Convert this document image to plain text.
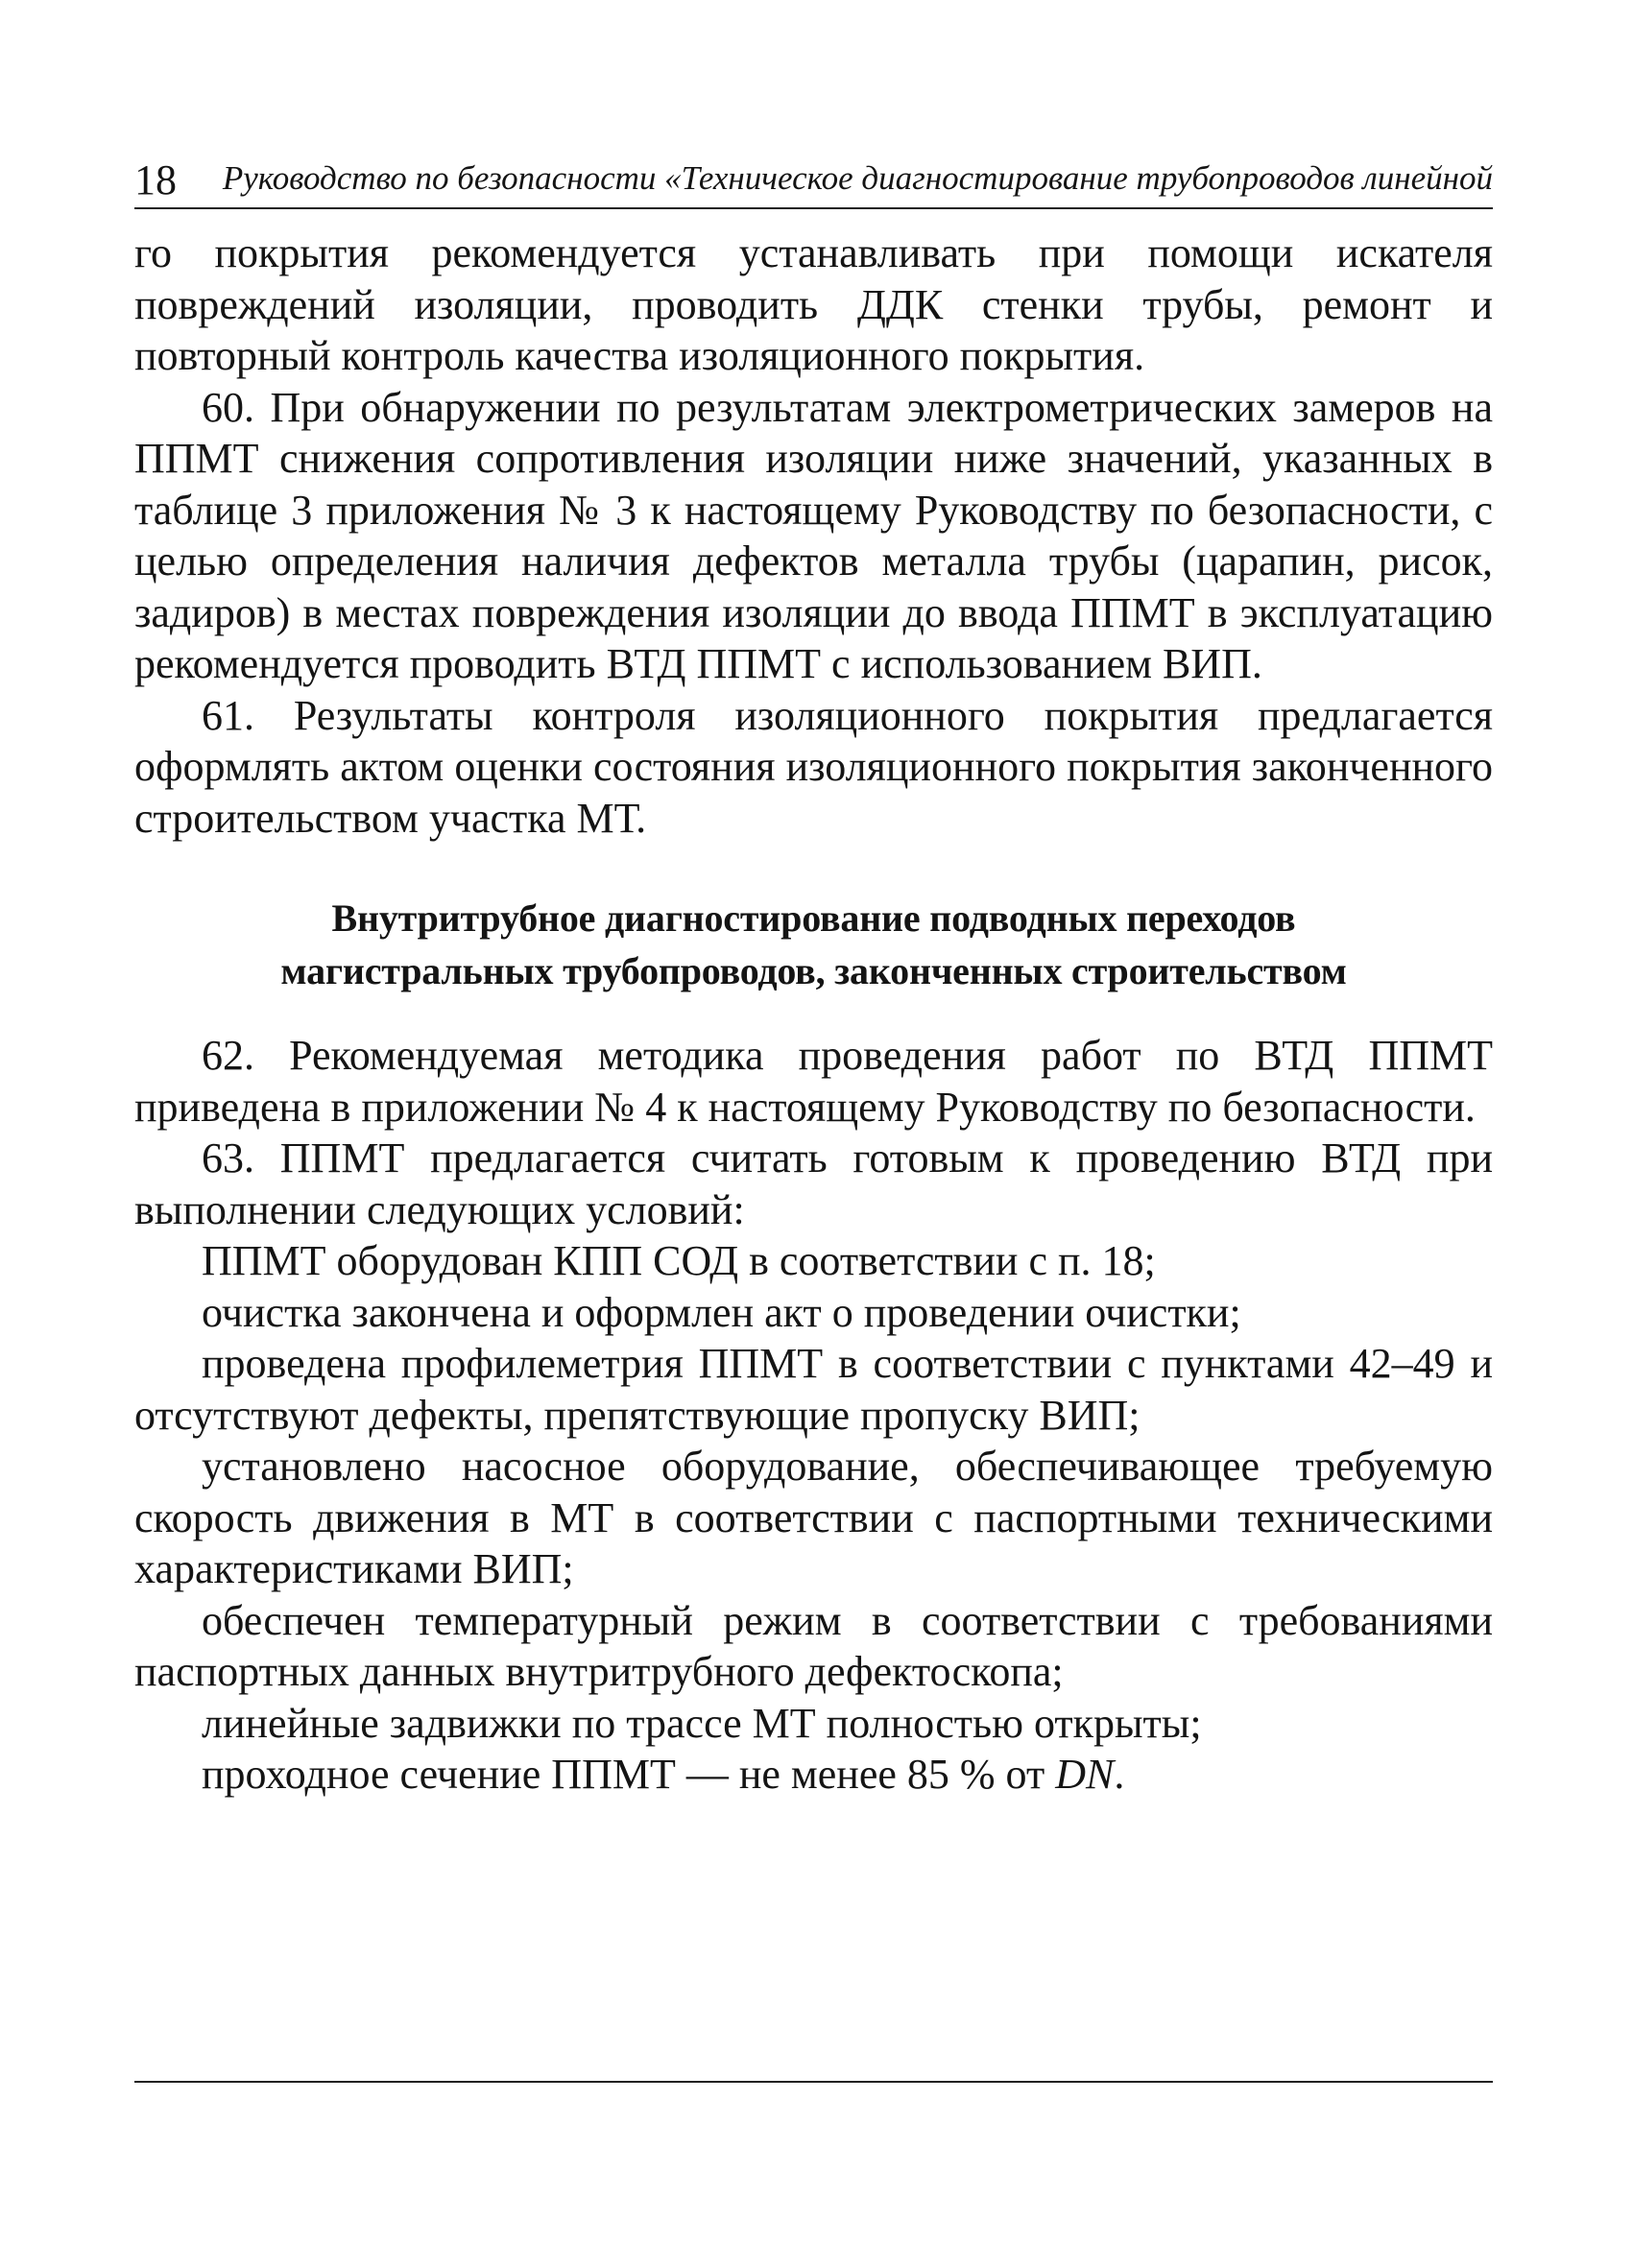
18 Руководство по безопасности «Техническое диагностирование трубопроводов линейной

го покрытия рекомендуется устанавливать при помощи искателя повреждений изоляции, проводить ДДК стенки трубы, ремонт и повторный контроль качества изоляционного покрытия.

60. При обнаружении по результатам электрометрических замеров на ППМТ снижения сопротивления изоляции ниже значений, указанных в таблице 3 приложения № 3 к настоящему Руководству по безопасности, с целью определения наличия дефектов металла трубы (царапин, рисок, задиров) в местах повреждения изоляции до ввода ППМТ в эксплуатацию рекомендуется проводить ВТД ППМТ с использованием ВИП.

61. Результаты контроля изоляционного покрытия предлагается оформлять актом оценки состояния изоляционного покрытия законченного строительством участка МТ.

Внутритрубное диагностирование подводных переходов
магистральных трубопроводов, законченных строительством

62. Рекомендуемая методика проведения работ по ВТД ППМТ приведена в приложении № 4 к настоящему Руководству по безопасности.

63. ППМТ предлагается считать готовым к проведению ВТД при выполнении следующих условий:

ППМТ оборудован КПП СОД в соответствии с п. 18;

очистка закончена и оформлен акт о проведении очистки;

проведена профилеметрия ППМТ в соответствии с пунктами 42–49 и отсутствуют дефекты, препятствующие пропуску ВИП;

установлено насосное оборудование, обеспечивающее требуемую скорость движения в МТ в соответствии с паспортными техническими характеристиками ВИП;

обеспечен температурный режим в соответствии с требованиями паспортных данных внутритрубного дефектоскопа;

линейные задвижки по трассе МТ полностью открыты;

проходное сечение ППМТ — не менее 85 % от DN.
